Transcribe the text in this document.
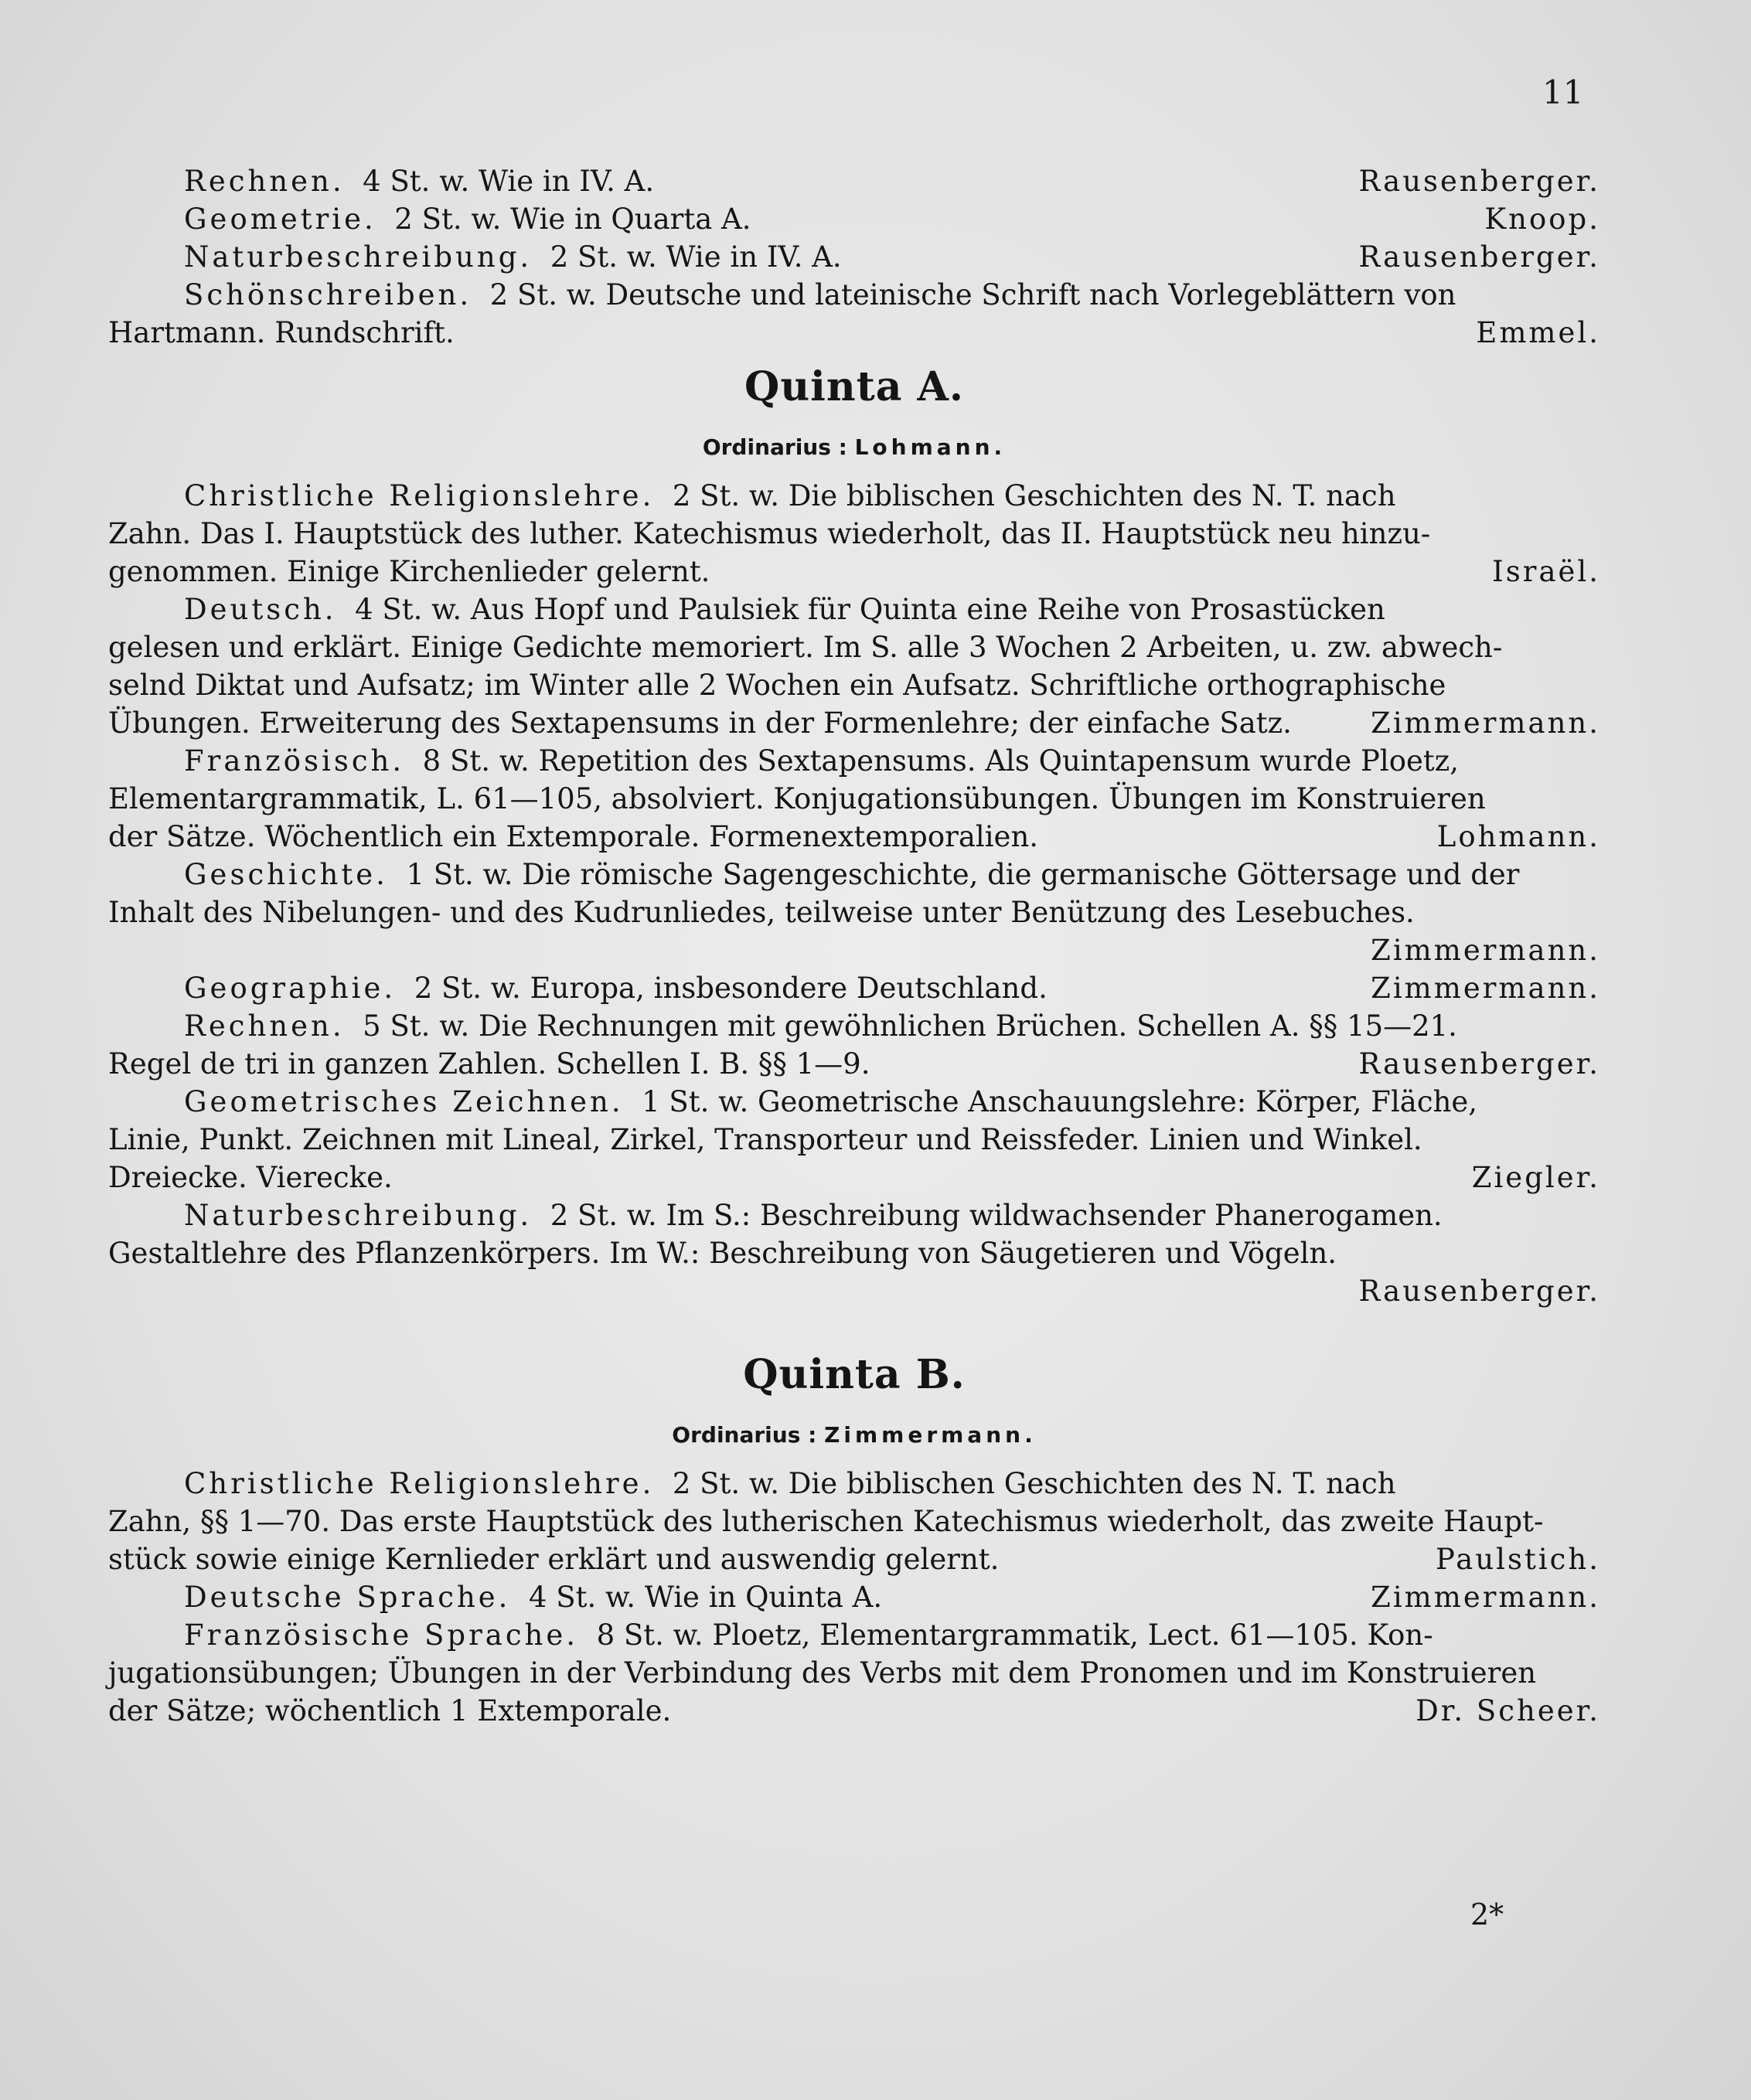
11
Rechnen. 4 St. w. Wie in IV. A.	Rausenberger.
Geometrie. 2 St. w. Wie in Quarta A.	Knoop.
Naturbeschreibung. 2 St. w. Wie in IV. A.	Rausenberger.
Schönschreiben. 2 St. w. Deutsche und lateinische Schrift nach Vorlegeblättern von
Hartmann. Rundschrift.	Emmel.
Quinta A.
Ordinarius : Lohmann.
Christliche Religionslehre. 2 St. w. Die biblischen Geschichten des N. T. nach
Zahn. Das I. Hauptstück des luther. Katechismus wiederholt, das II. Hauptstück neu hinzu-
genommen. Einige Kirchenlieder gelernt.	Israël.
Deutsch. 4 St. w. Aus Hopf und Paulsiek für Quinta eine Reihe von Prosastücken
gelesen und erklärt. Einige Gedichte memoriert. Im S. alle 3 Wochen 2 Arbeiten, u. zw. abwech-
selnd Diktat und Aufsatz; im Winter alle 2 Wochen ein Aufsatz. Schriftliche orthographische
Übungen. Erweiterung des Sextapensums in der Formenlehre; der einfache Satz.	Zimmermann.
Französisch. 8 St. w. Repetition des Sextapensums. Als Quintapensum wurde Ploetz,
Elementargrammatik, L. 61—105, absolviert. Konjugationsübungen. Übungen im Konstruieren
der Sätze. Wöchentlich ein Extemporale. Formenextemporalien.	Lohmann.
Geschichte. 1 St. w. Die römische Sagengeschichte, die germanische Göttersage und der
Inhalt des Nibelungen- und des Kudrunliedes, teilweise unter Benützung des Lesebuches.
Zimmermann.
Geographie. 2 St. w. Europa, insbesondere Deutschland.	Zimmermann.
Rechnen. 5 St. w. Die Rechnungen mit gewöhnlichen Brüchen. Schellen A. §§ 15—21.
Regel de tri in ganzen Zahlen. Schellen I. B. §§ 1—9.	Rausenberger.
Geometrisches Zeichnen. 1 St. w. Geometrische Anschauungslehre: Körper, Fläche,
Linie, Punkt. Zeichnen mit Lineal, Zirkel, Transporteur und Reissfeder. Linien und Winkel.
Dreiecke. Vierecke.	Ziegler.
Naturbeschreibung. 2 St. w. Im S.: Beschreibung wildwachsender Phanerogamen.
Gestaltlehre des Pflanzenkörpers. Im W.: Beschreibung von Säugetieren und Vögeln.
Rausenberger.
Quinta B.
Ordinarius : Zimmermann.
Christliche Religionslehre. 2 St. w. Die biblischen Geschichten des N. T. nach
Zahn, §§ 1—70. Das erste Hauptstück des lutherischen Katechismus wiederholt, das zweite Haupt-
stück sowie einige Kernlieder erklärt und auswendig gelernt.	Paulstich.
Deutsche Sprache. 4 St. w. Wie in Quinta A.	Zimmermann.
Französische Sprache. 8 St. w. Ploetz, Elementargrammatik, Lect. 61—105. Kon-
jugationsübungen; Übungen in der Verbindung des Verbs mit dem Pronomen und im Konstruieren
der Sätze; wöchentlich 1 Extemporale.	Dr. Scheer.
2*
